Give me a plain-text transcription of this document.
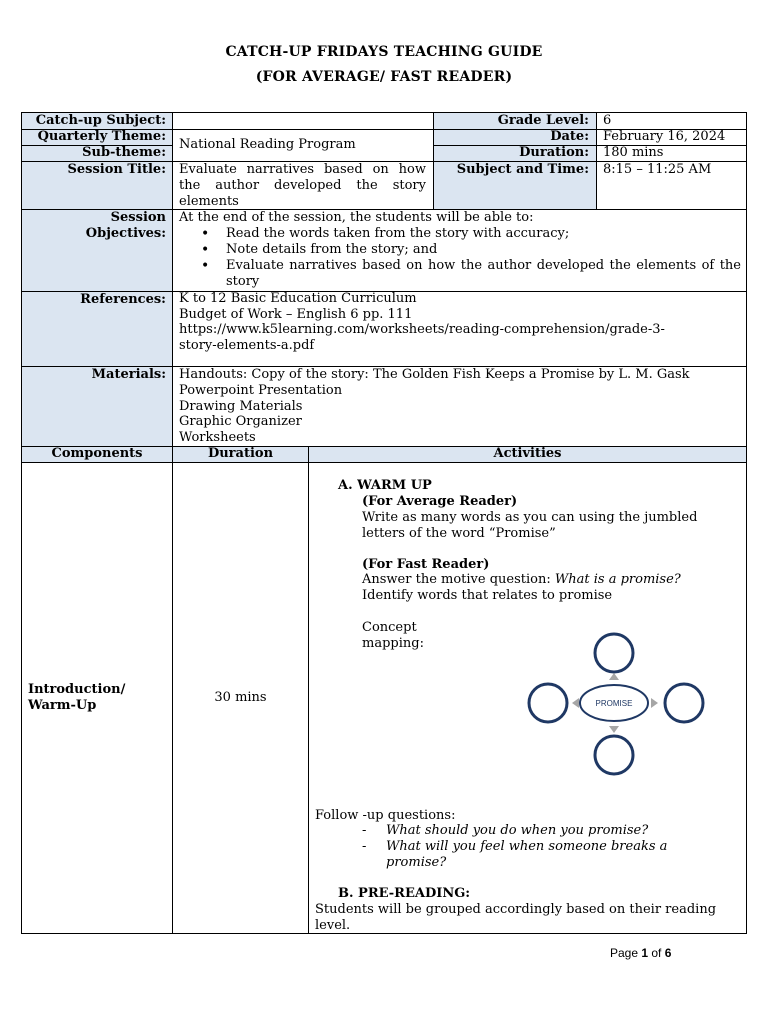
CATCH-UP FRIDAYS TEACHING GUIDE
(FOR AVERAGE/ FAST READER)
Catch-up Subject:
Quarterly Theme:
Sub-theme:
Session Title:
Session
Objectives:
References:
Materials:
National Reading Program
Evaluate narratives based on how the author developed the story elements
Grade Level:
Date:
Duration:
Subject and Time:
6
February 16, 2024
180 mins
8:15 – 11:25 AM
At the end of the session, the students will be able to:
• Read the words taken from the story with accuracy;
• Note details from the story; and
• Evaluate narratives based on how the author developed the elements of the story
K to 12 Basic Education Curriculum
Budget of Work – English 6 pp. 111
https://www.k5learning.com/worksheets/reading-comprehension/grade-3-
story-elements-a.pdf
Handouts: Copy of the story: The Golden Fish Keeps a Promise by L. M. Gask
Powerpoint Presentation
Drawing Materials
Graphic Organizer
Worksheets
Components	Duration	Activities
Introduction/ Warm-Up
30 mins
A. WARM UP
(For Average Reader)
Write as many words as you can using the jumbled letters of the word “Promise”
(For Fast Reader)
Answer the motive question: What is a promise?
Identify words that relates to promise
Concept
mapping:
PROMISE
Follow -up questions:
- What should you do when you promise?
- What will you feel when someone breaks a promise?
B. PRE-READING:
Students will be grouped accordingly based on their reading level.
Page 1 of 6
